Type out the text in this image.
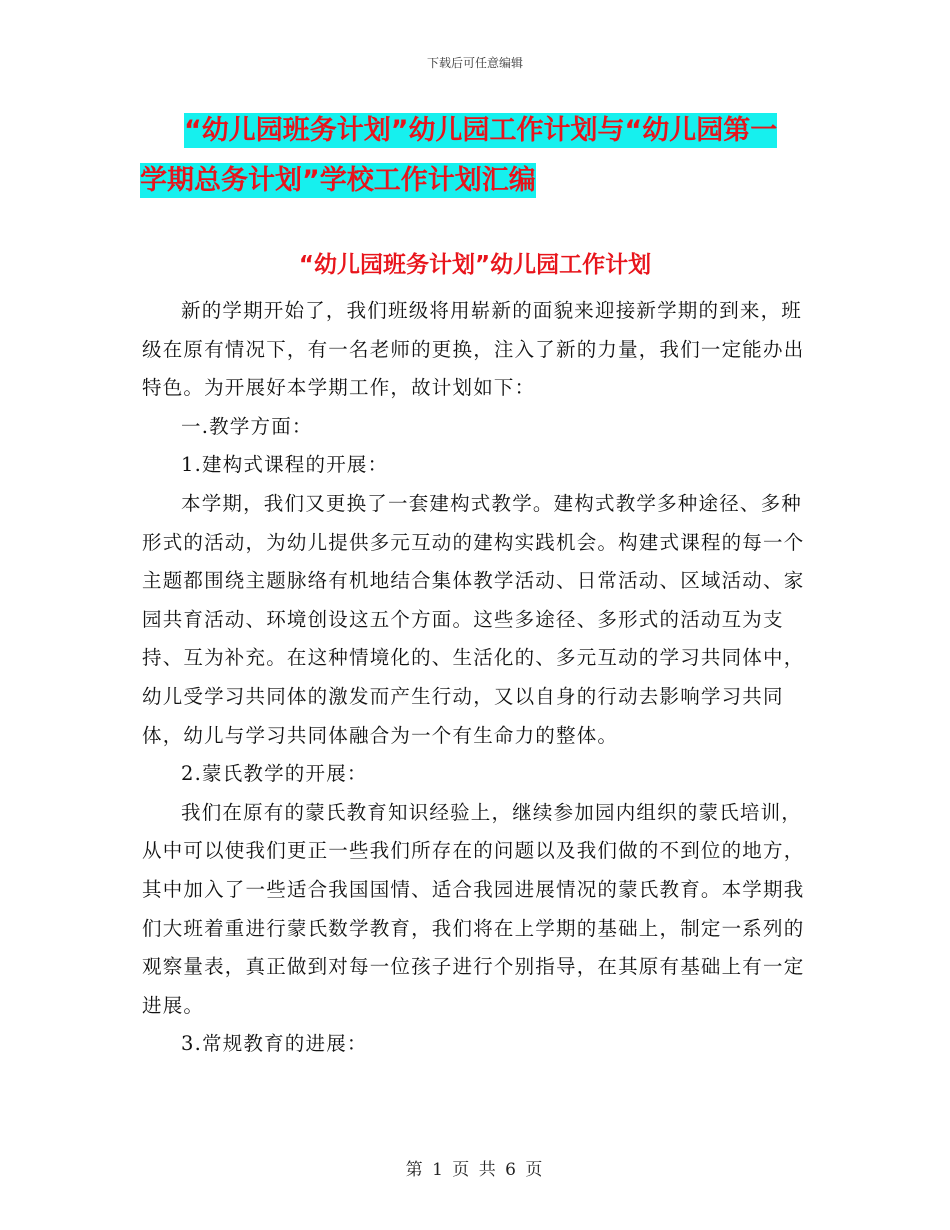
下载后可任意编辑
“幼儿园班务计划”幼儿园工作计划与“幼儿园第一
学期总务计划”学校工作计划汇编
“幼儿园班务计划”幼儿园工作计划

新的学期开始了，我们班级将用崭新的面貌来迎接新学期的到来，班级在原有情况下，有一名老师的更换，注入了新的力量，我们一定能办出特色。为开展好本学期工作，故计划如下：

一.教学方面：

1.建构式课程的开展：

本学期，我们又更换了一套建构式教学。建构式教学多种途径、多种形式的活动，为幼儿提供多元互动的建构实践机会。构建式课程的每一个主题都围绕主题脉络有机地结合集体教学活动、日常活动、区域活动、家园共育活动、环境创设这五个方面。这些多途径、多形式的活动互为支持、互为补充。在这种情境化的、生活化的、多元互动的学习共同体中，幼儿受学习共同体的激发而产生行动，又以自身的行动去影响学习共同体，幼儿与学习共同体融合为一个有生命力的整体。

2.蒙氏教学的开展：

我们在原有的蒙氏教育知识经验上，继续参加园内组织的蒙氏培训，从中可以使我们更正一些我们所存在的问题以及我们做的不到位的地方，其中加入了一些适合我国国情、适合我园进展情况的蒙氏教育。本学期我们大班着重进行蒙氏数学教育，我们将在上学期的基础上，制定一系列的观察量表，真正做到对每一位孩子进行个别指导，在其原有基础上有一定进展。

3.常规教育的进展：

第 1 页 共 6 页
